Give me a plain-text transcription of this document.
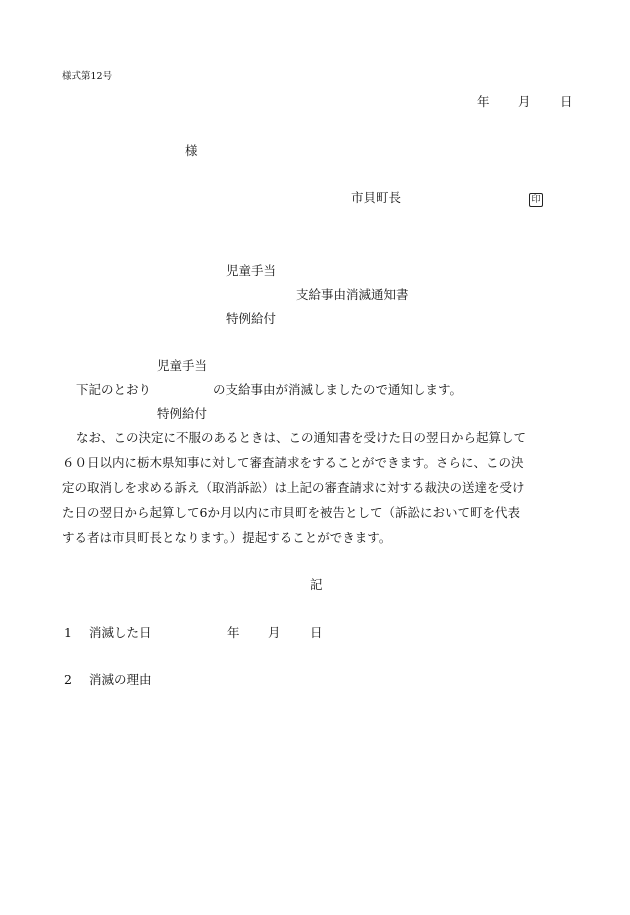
様式第12号
年 月 日
様
市貝町長	印
児童手当
支給事由消滅通知書
特例給付
児童手当
下記のとおり	の支給事由が消滅しましたので通知します。
特例給付
なお、この決定に不服のあるときは、この通知書を受けた日の翌日から起算して
６０日以内に栃木県知事に対して審査請求をすることができます。さらに、この決
定の取消しを求める訴え（取消訴訟）は上記の審査請求に対する裁決の送達を受け
た日の翌日から起算して6か月以内に市貝町を被告として（訴訟において町を代表
する者は市貝町長となります。）提起することができます。
記
1 消滅した日	年 月 日
2 消滅の理由
